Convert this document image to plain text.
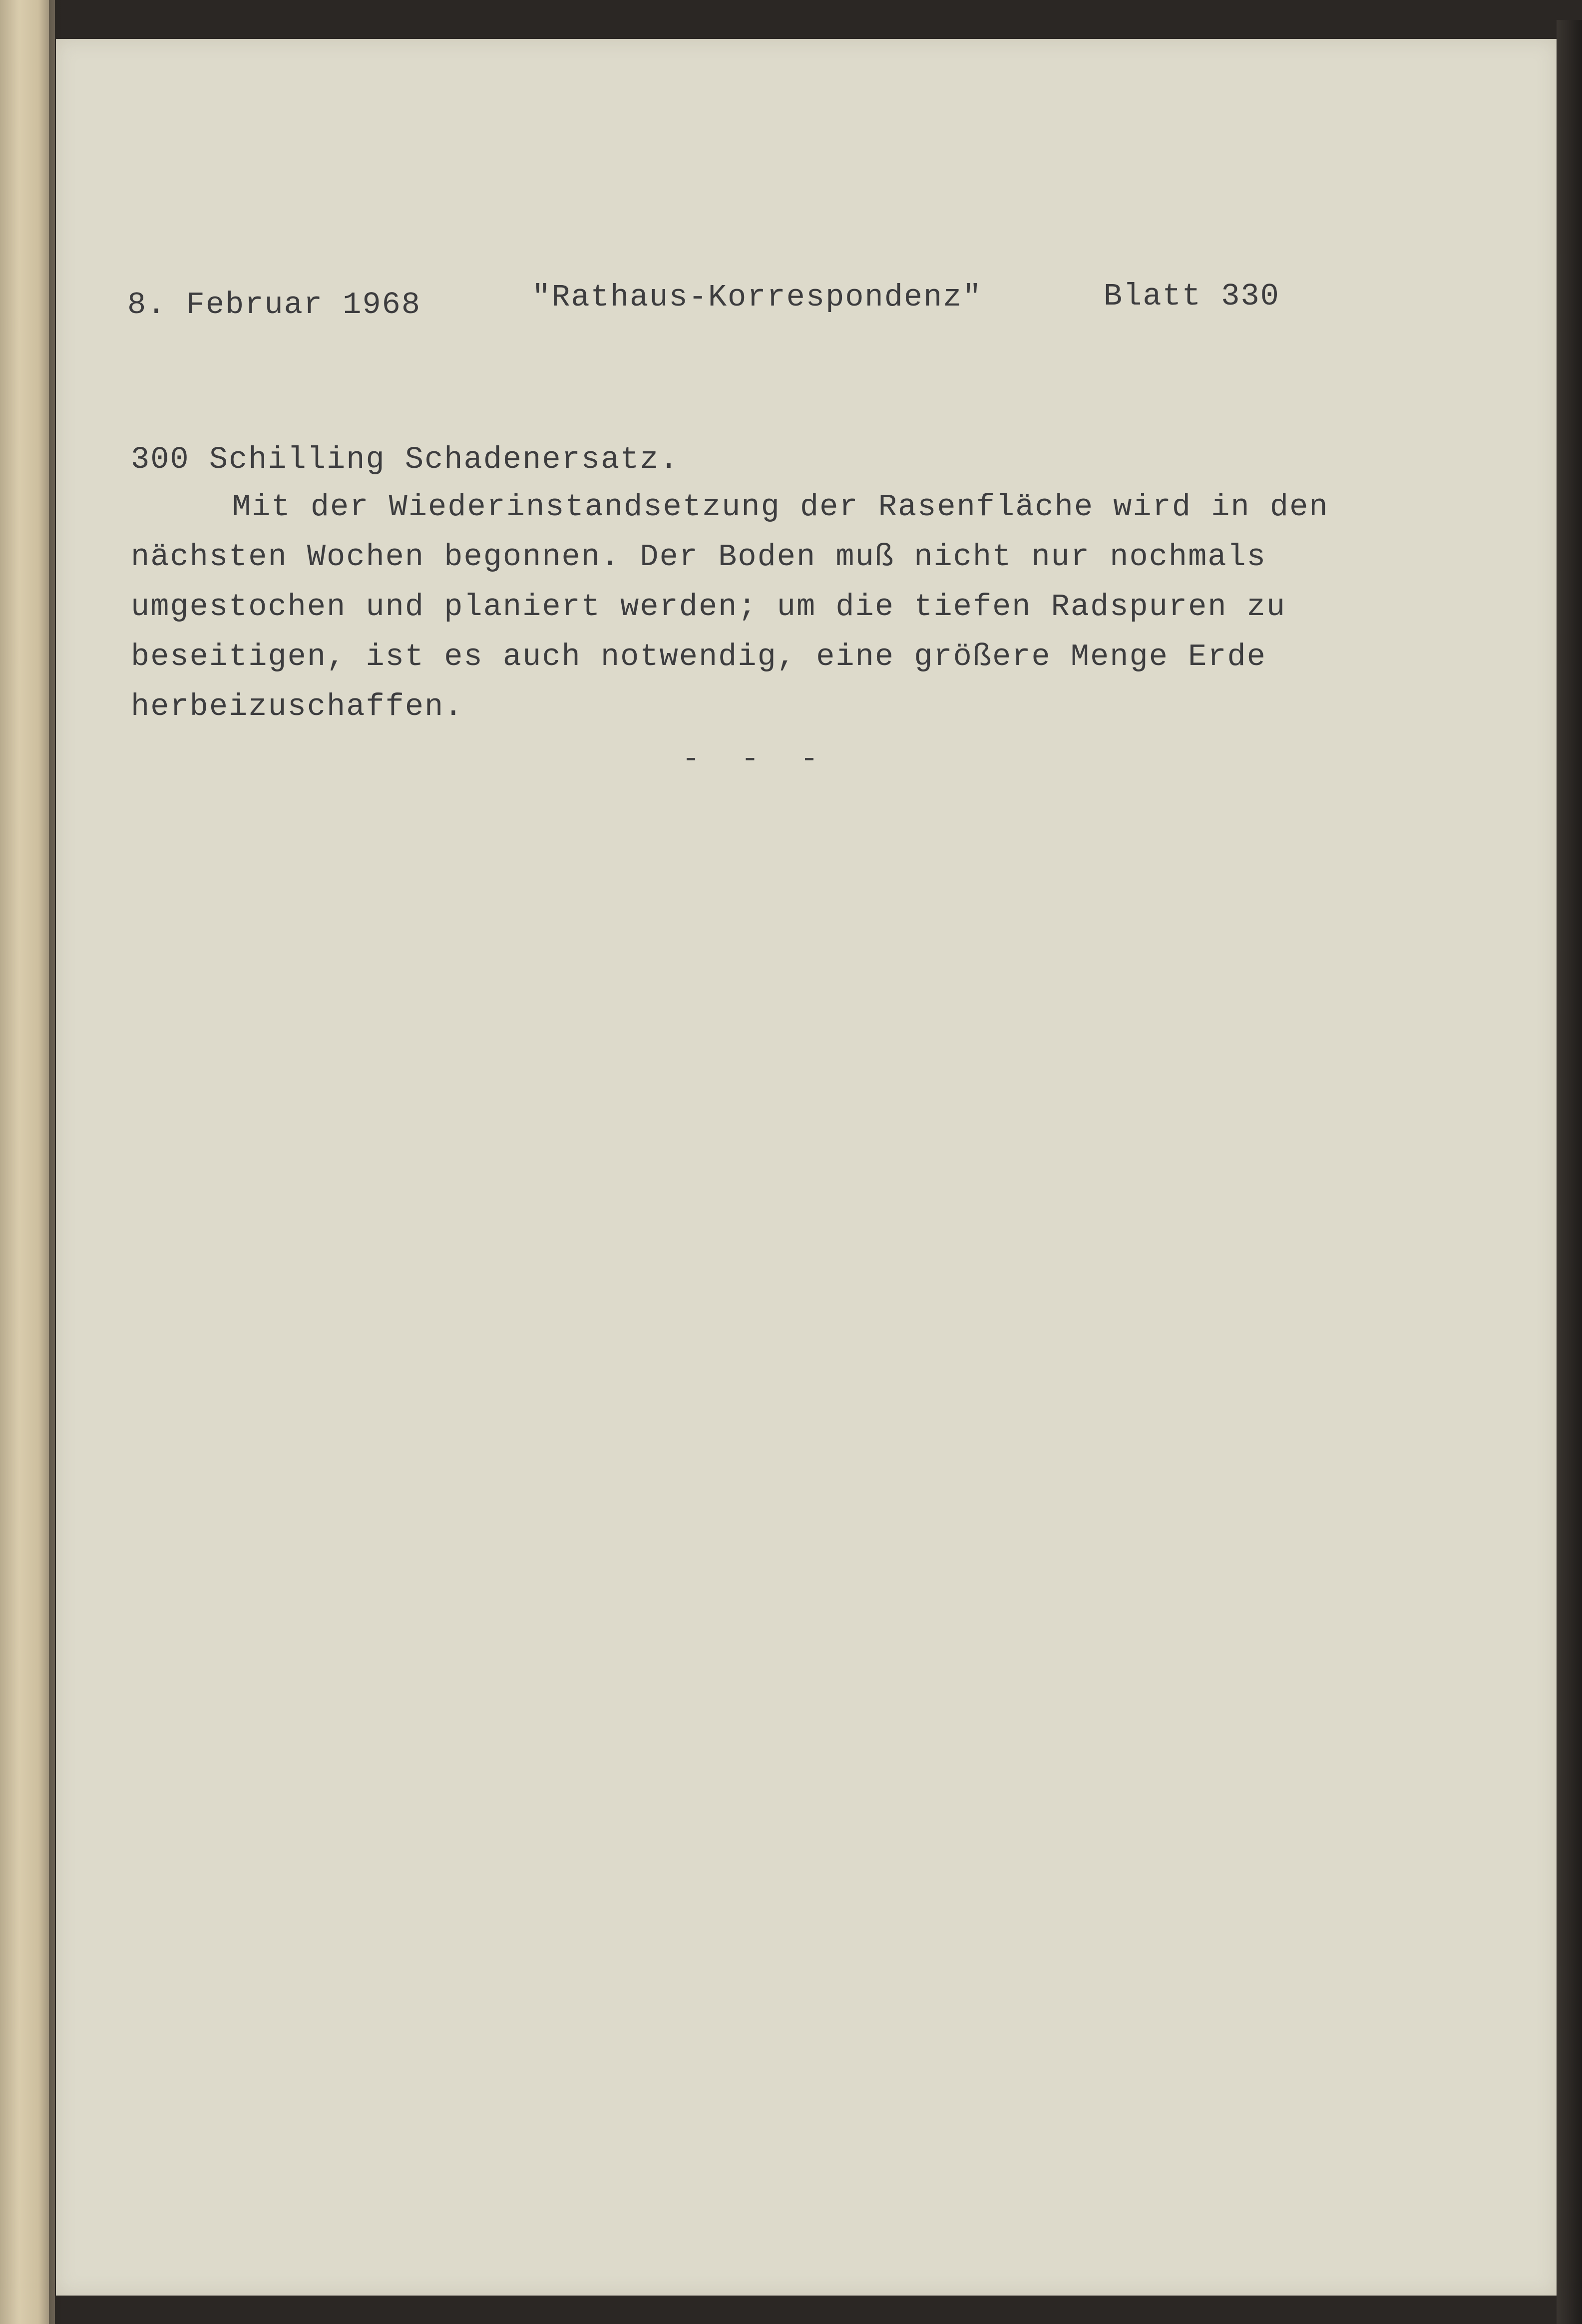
8. Februar 1968	"Rathaus-Korrespondenz"	Blatt 330
300 Schilling Schadenersatz.
Mit der Wiederinstandsetzung der Rasenfläche wird in den
nächsten Wochen begonnen. Der Boden muß nicht nur nochmals
umgestochen und planiert werden; um die tiefen Radspuren zu
beseitigen, ist es auch notwendig, eine größere Menge Erde
herbeizuschaffen.
- - -
